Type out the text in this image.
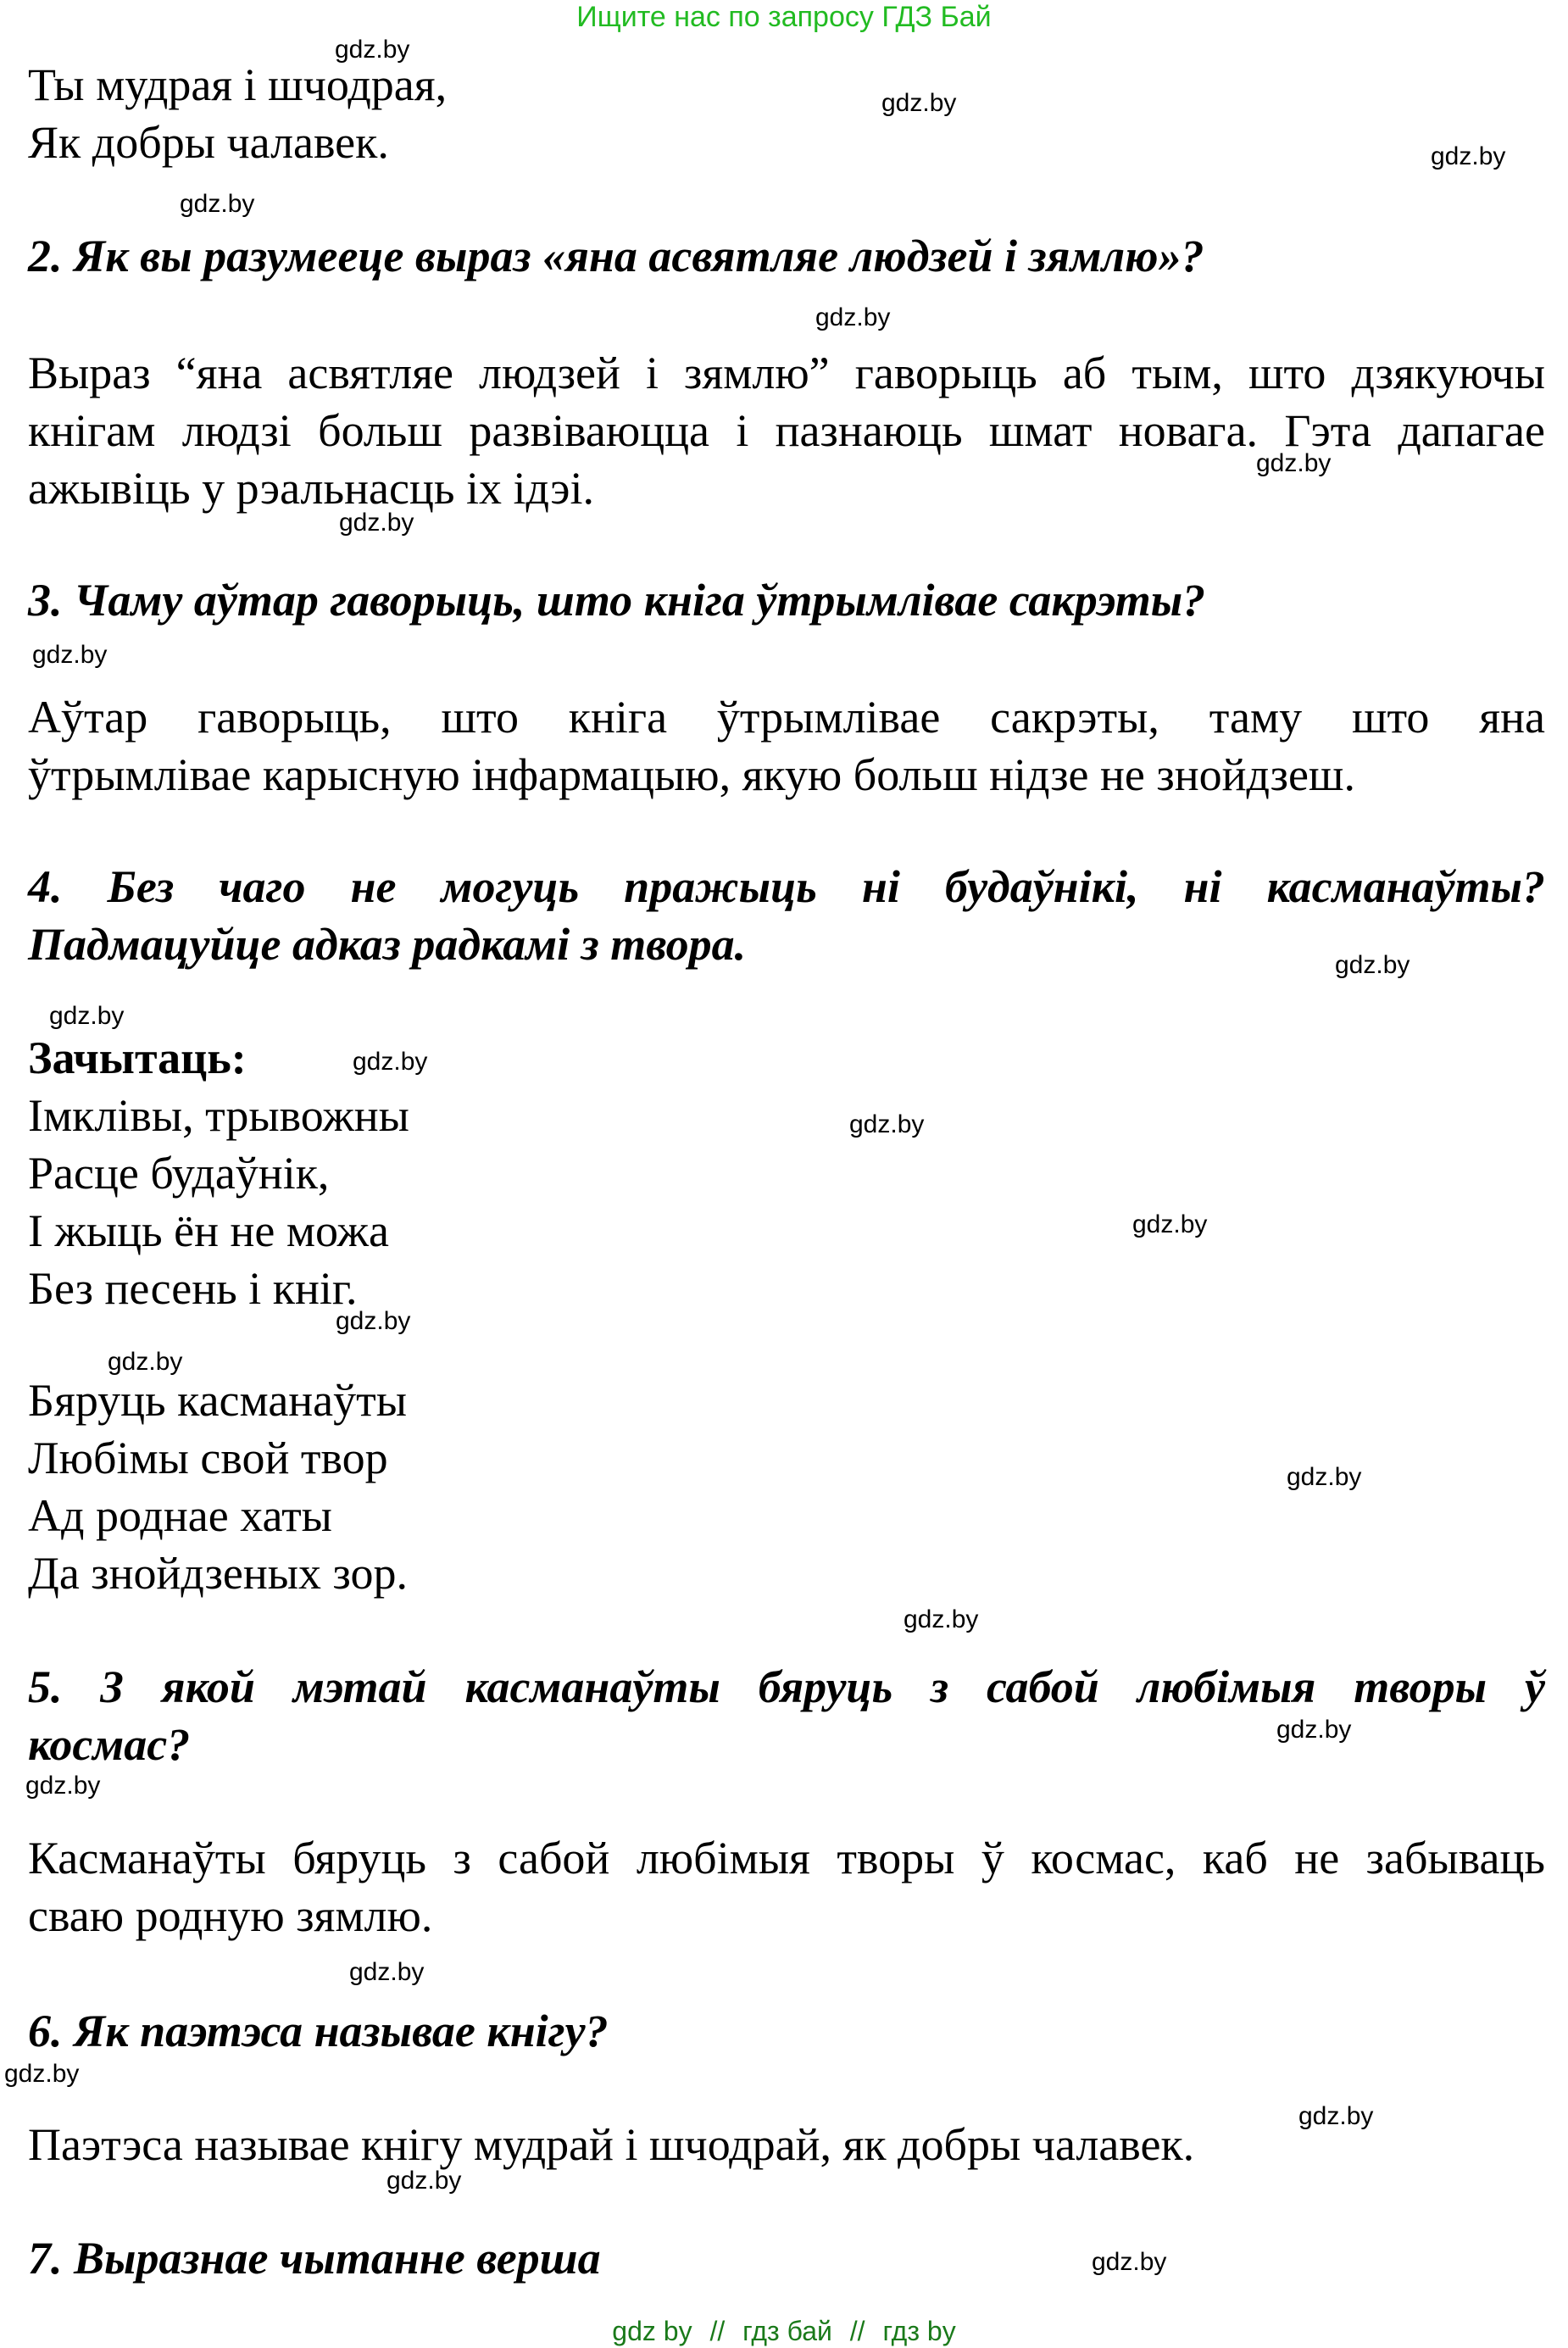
Ищите нас по запросу ГДЗ Бай
gdz.by
gdz.by
gdz.by
gdz.by
gdz.by
gdz.by
gdz.by
gdz.by
gdz.by
gdz.by
gdz.by
gdz.by
gdz.by
gdz.by
gdz.by
gdz.by
gdz.by
gdz.by
gdz.by
gdz.by
gdz.by
gdz.by
gdz.by
gdz.by
Ты мудрая і шчодрая,
Як добры чалавек.
2. Як вы разумееце выраз «яна асвятляе людзей і зямлю»?
Выраз “яна асвятляе людзей і зямлю” гаворыць аб тым, што дзякуючы
кнігам людзі больш развіваюцца і пазнаюць шмат новага. Гэта дапагае
ажывіць у рэальнасць іх ідэі.
3. Чаму аўтар гаворыць, што кніга ўтрымлівае сакрэты?
Аўтар гаворыць, што кніга ўтрымлівае сакрэты, таму што яна
ўтрымлівае карысную інфармацыю, якую больш нідзе не знойдзеш.
4. Без чаго не могуць пражыць ні будаўнікі, ні касманаўты?
Падмацуйце адказ радкамі з твора.
Зачытаць:
Імклівы, трывожны
Расце будаўнік,
І жыць ён не можа
Без песень і кніг.
Бяруць касманаўты
Любімы свой твор
Ад роднае хаты
Да знойдзеных зор.
5. З якой мэтай касманаўты бяруць з сабой любімыя творы ў
космас?
Касманаўты бяруць з сабой любімыя творы ў космас, каб не забываць
сваю родную зямлю.
6. Як паэтэса называе кнігу?
Паэтэса называе кнігу мудрай і шчодрай, як добры чалавек.
7. Выразнае чытанне верша
gdz by // гдз бай // гдз by
